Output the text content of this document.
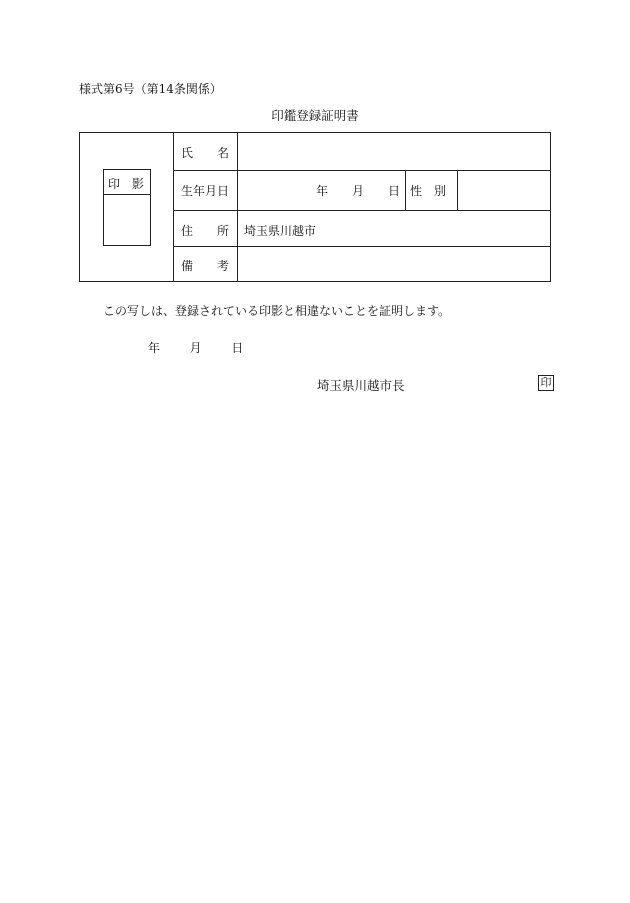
様式第6号（第14条関係）
印鑑登録証明書
印　影
氏　　名
生年月日
住　　所
備　　考
年 月 日 性　別
埼玉県川越市
この写しは、登録されている印影と相違ないことを証明します。
年 月 日
埼玉県川越市長	印
